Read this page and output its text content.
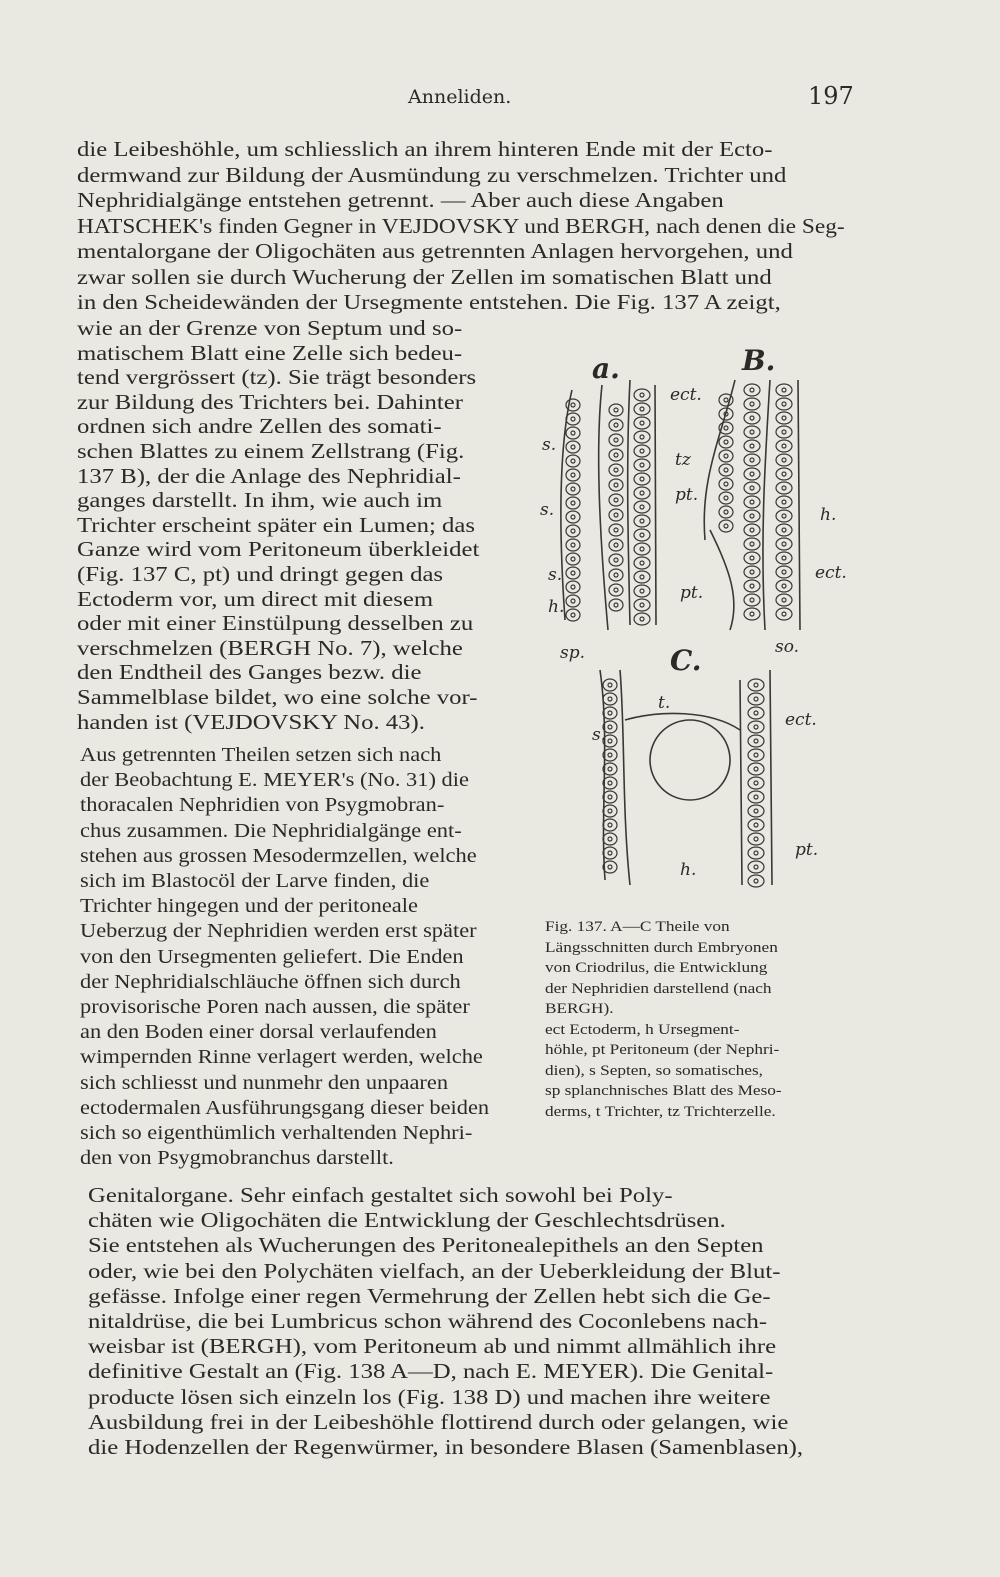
Anneliden.	197
die Leibeshöhle, um schliesslich an ihrem hinteren Ende mit der Ecto-
dermwand zur Bildung der Ausmündung zu verschmelzen. Trichter und
Nephridialgänge entstehen getrennt. — Aber auch diese Angaben
HATSCHEK's finden Gegner in VEJDOVSKY und BERGH, nach denen die Seg-
mentalorgane der Oligochäten aus getrennten Anlagen hervorgehen, und
zwar sollen sie durch Wucherung der Zellen im somatischen Blatt und
in den Scheidewänden der Ursegmente entstehen. Die Fig. 137 A zeigt,
wie an der Grenze von Septum und so-
matischem Blatt eine Zelle sich bedeu-
tend vergrössert (tz). Sie trägt besonders
zur Bildung des Trichters bei. Dahinter
ordnen sich andre Zellen des somati-
schen Blattes zu einem Zellstrang (Fig.
137 B), der die Anlage des Nephridial-
ganges darstellt. In ihm, wie auch im
Trichter erscheint später ein Lumen; das
Ganze wird vom Peritoneum überkleidet
(Fig. 137 C, pt) und dringt gegen das
Ectoderm vor, um direct mit diesem
oder mit einer Einstülpung desselben zu
verschmelzen (BERGH No. 7), welche
den Endtheil des Ganges bezw. die
Sammelblase bildet, wo eine solche vor-
handen ist (VEJDOVSKY No. 43).
Aus getrennten Theilen setzen sich nach
der Beobachtung E. MEYER's (No. 31) die
thoracalen Nephridien von Psygmobran-
chus zusammen. Die Nephridialgänge ent-
stehen aus grossen Mesodermzellen, welche
sich im Blastocöl der Larve finden, die
Trichter hingegen und der peritoneale
Ueberzug der Nephridien werden erst später
von den Ursegmenten geliefert. Die Enden
der Nephridialschläuche öffnen sich durch
provisorische Poren nach aussen, die später
an den Boden einer dorsal verlaufenden
wimpernden Rinne verlagert werden, welche
sich schliesst und nunmehr den unpaaren
ectodermalen Ausführungsgang dieser beiden
sich so eigenthümlich verhaltenden Nephri-
den von Psygmobranchus darstellt.
Fig. 137. A—C Theile von
Längsschnitten durch Embryonen
von Criodrilus, die Entwicklung
der Nephridien darstellend (nach
BERGH).
ect Ectoderm, h Ursegment-
höhle, pt Peritoneum (der Nephri-
dien), s Septen, so somatisches,
sp splanchnisches Blatt des Meso-
derms, t Trichter, tz Trichterzelle.
Genitalorgane. Sehr einfach gestaltet sich sowohl bei Poly-
chäten wie Oligochäten die Entwicklung der Geschlechtsdrüsen.
Sie entstehen als Wucherungen des Peritonealepithels an den Septen
oder, wie bei den Polychäten vielfach, an der Ueberkleidung der Blut-
gefässe. Infolge einer regen Vermehrung der Zellen hebt sich die Ge-
nitaldrüse, die bei Lumbricus schon während des Coconlebens nach-
weisbar ist (BERGH), vom Peritoneum ab und nimmt allmählich ihre
definitive Gestalt an (Fig. 138 A—D, nach E. MEYER). Die Genital-
producte lösen sich einzeln los (Fig. 138 D) und machen ihre weitere
Ausbildung frei in der Leibeshöhle flottirend durch oder gelangen, wie
die Hodenzellen der Regenwürmer, in besondere Blasen (Samenblasen),
a.	B.
C.
ect.
s.
tz
pt.
s.	h.
ect.
s.
pt.
h.
sp.	so.
t.
s.
ect.
pt.
h.
